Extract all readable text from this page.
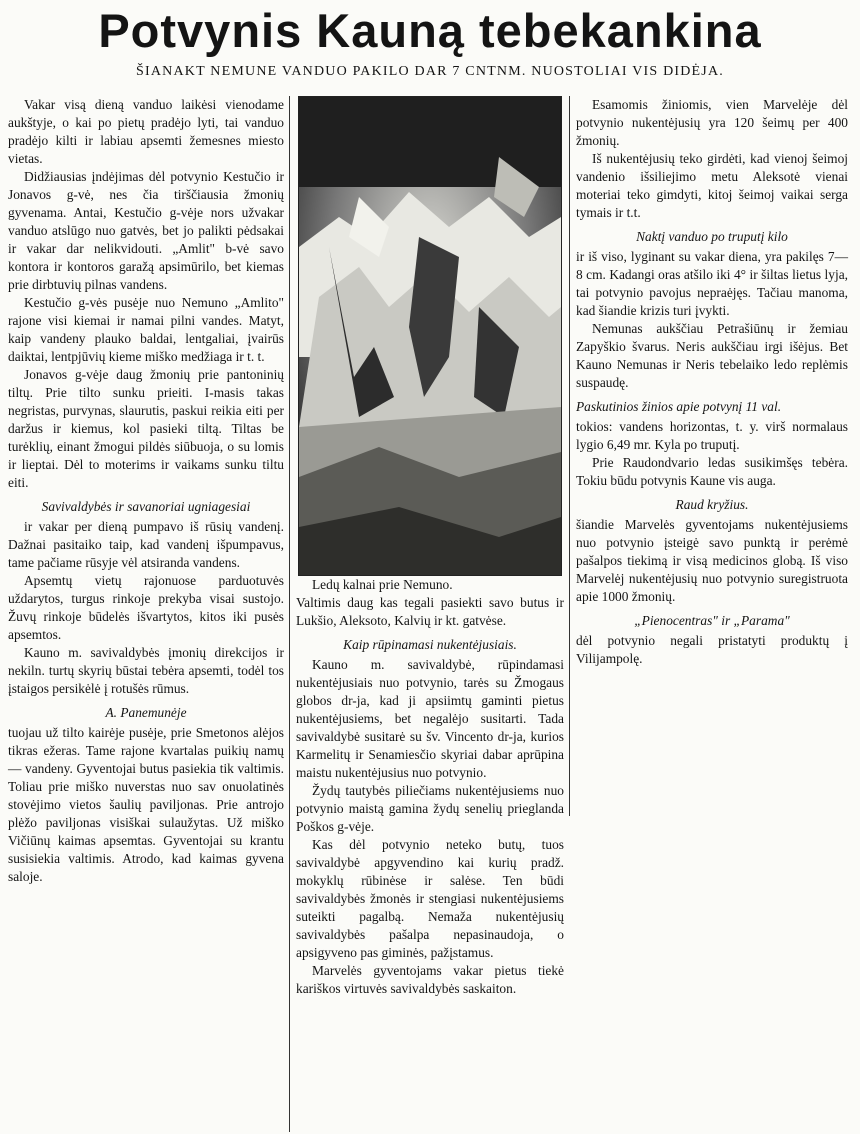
Potvynis Kauną tebekankina
ŠIANAKT NEMUNE VANDUO PAKILO DAR 7 CNTNM. NUOSTOLIAI VIS DIDĖJA.

Vakar visą dieną vanduo laikėsi vienodame aukštyje, o kai po pietų pradėjo lyti, tai vanduo pradėjo kilti ir labiau apsemti žemesnes miesto vietas.

Didžiausias įndėjimas dėl potvynio Kestučio ir Jonavos g-vė, nes čia tirščiausia žmonių gyvenama. Antai, Kestučio g-vėje nors užvakar vanduo atslūgo nuo gatvės, bet jo palikti pėdsakai ir vakar dar nelikvidouti. „Amlit" b-vė savo kontora ir kontoros garažą apsimūrilo, bet kiemas prie dirbtuvių pilnas vandens.

Kestučio g-vės pusėje nuo Nemuno „Amlito" rajone visi kiemai ir namai pilni vandes. Matyt, kaip vandeny plauko baldai, lentgaliai, įvairūs daiktai, lentpjūvių kieme miško medžiaga ir t. t.

Jonavos g-vėje daug žmonių prie pantoninių tiltų. Prie tilto sunku prieiti. I-masis takas negristas, purvynas, slaurutis, paskui reikia eiti per daržus ir kiemus, kol pasieki tiltą. Tiltas be turėklių, einant žmogui pildės siūbuoja, o su lomis ir lieptai. Dėl to moterims ir vaikams sunku tiltu eiti.

Savivaldybės ir savanoriai ugniagesiai

ir vakar per dieną pumpavo iš rūsių vandenį. Dažnai pasitaiko taip, kad vandenį išpumpavus, tame pačiame rūsyje vėl atsiranda vandens.

Apsemtų vietų rajonuose parduotuvės uždarytos, turgus rinkoje prekyba visai sustojo. Žuvų rinkoje būdelės išvartytos, kitos iki pusės apsemtos.

Kauno m. savivaldybės įmonių direkcijos ir nekiln. turtų skyrių būstai tebėra apsemti, todėl tos įstaigos persikėlė į rotušės rūmus.

A. Panemunėje

tuojau už tilto kairėje pusėje, prie Smetonos alėjos tikras ežeras. Tame rajone kvartalas puikių namų — vandeny. Gyventojai butus pasiekia tik valtimis. Toliau prie miško nuverstas nuo sav onuolatinės stovėjimo vietos šaulių paviljonas. Prie antrojo plėžo paviljonas visiškai sulaužytas. Už miško Vičiūnų kaimas apsemtas. Gyventojai su krantu susisiekia valtimis. Atrodo, kad kaimas gyvena saloje.

Ledų kalnai prie Nemuno.

Valtimis daug kas tegali pasiekti savo butus ir Lukšio, Aleksoto, Kalvių ir kt. gatvėse.

Kaip rūpinamasi nukentėjusiais.

Kauno m. savivaldybė, rūpindamasi nukentėjusiais nuo potvynio, tarės su Žmogaus globos dr-ja, kad ji apsiimtų gaminti pietus nukentėjusiems, bet negalėjo susitarti. Tada savivaldybė susitarė su šv. Vincento dr-ja, kurios Karmelitų ir Senamiesčio skyriai dabar aprūpina maistu nukentėjusius nuo potvynio.

Žydų tautybės piliečiams nukentėjusiems nuo potvynio maistą gamina žydų senelių prieglanda Poškos g-vėje.

Kas dėl potvynio neteko butų, tuos savivaldybė apgyvendino kai kurių pradž. mokyklų rūbinėse ir salėse. Ten būdi savivaldybės žmonės ir stengiasi nukentėjusiems suteikti pagalbą. Nemaža nukentėjusių savivaldybės pašalpa nepasinaudoja, o apsigyveno pas giminės, pažįstamus.

Marvelės gyventojams vakar pietus tiekė kariškos virtuvės savivaldybės saskaiton.

Esamomis žiniomis, vien Marvelėje dėl potvynio nukentėjusių yra 120 šeimų per 400 žmonių.

Iš nukentėjusių teko girdėti, kad vienoj šeimoj vandenio išsiliejimo metu Aleksotė vienai moteriai teko gimdyti, kitoj šeimoj vaikai serga tymais ir t.t.

Naktį vanduo po truputį kilo

ir iš viso, lyginant su vakar diena, yra pakilęs 7—8 cm. Kadangi oras atšilo iki 4° ir šiltas lietus lyja, tai potvynio pavojus nepraėjęs. Tačiau manoma, kad šiandie krizis turi įvykti.

Nemunas aukščiau Petrašiūnų ir žemiau Zapyškio švarus. Neris aukščiau irgi išėjus. Bet Kauno Nemunas ir Neris tebelaiko ledo replėmis suspaudę.

Paskutinios žinios apie potvynį 11 val.

tokios: vandens horizontas, t. y. virš normalaus lygio 6,49 mr. Kyla po truputį.

Prie Raudondvario ledas susikimšęs tebėra. Tokiu būdu potvynis Kaune vis auga.

Raud kryžius.

šiandie Marvelės gyventojams nukentėjusiems nuo potvynio įsteigė savo punktą ir perėmė pašalpos tiekimą ir visą medicinos globą. Iš viso Marvelėj nukentėjusių nuo potvynio suregistruota apie 1000 žmonių.

„Pienocentras" ir „Parama"

dėl potvynio negali pristatyti produktų į Vilijampolę.
